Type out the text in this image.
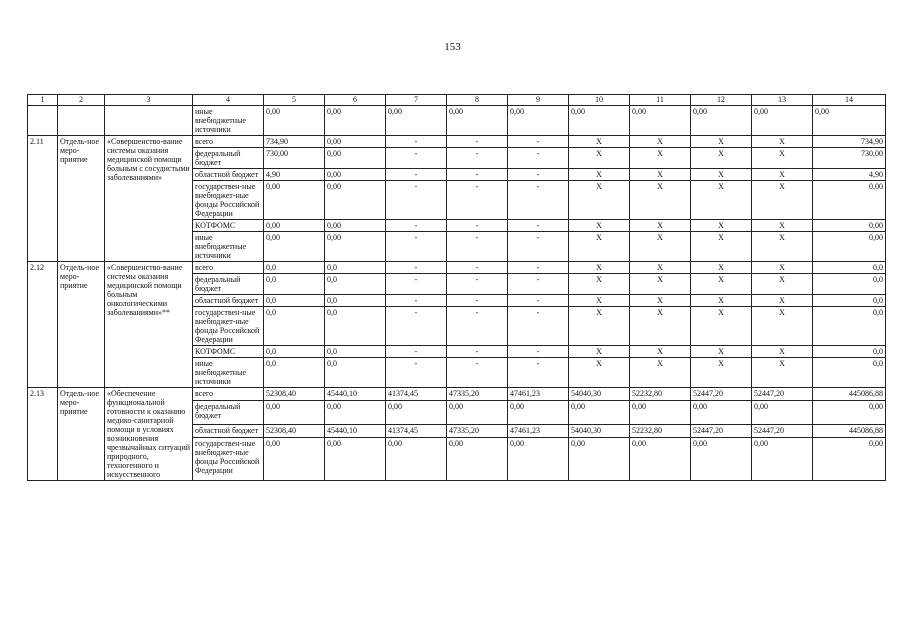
153
1	2	3	4	5	6	7	8	9	10	11	12	13	14
			иные внебюджетные источники	0,00	0,00	0,00	0,00	0,00	0,00	0,00	0,00	0,00	0,00
2.11	Отдель-ное меро-приятие	«Совершенство-вание системы оказания медицинской помощи больным с сосудистыми заболеваниями»	всего	734,90	0,00	-	-	-	X	X	X	X	734,90
			федеральный бюджет	730,00	0,00	-	-	-	X	X	X	X	730,00
			областной бюджет	4,90	0,00	-	-	-	X	X	X	X	4,90
			государствен-ные внебюджет-ные фонды Российской Федерации	0,00	0,00	-	-	-	X	X	X	X	0,00
			КОТФОМС	0,00	0,00	-	-	-	X	X	X	X	0,00
			иные внебюджетные источники	0,00	0,00	-	-	-	X	X	X	X	0,00
2.12	Отдель-ное меро-приятие	«Совершенство-вание системы оказания медицинской помощи больным онкологическими заболеваниями»**	всего	0,0	0,0	-	-	-	X	X	X	X	0,0
			федеральный бюджет	0,0	0,0	-	-	-	X	X	X	X	0,0
			областной бюджет	0,0	0,0	-	-	-	X	X	X	X	0,0
			государствен-ные внебюджет-ные фонды Российской Федерации	0,0	0,0	-	-	-	X	X	X	X	0,0
			КОТФОМС	0,0	0,0	-	-	-	X	X	X	X	0,0
			иные внебюджетные источники	0,0	0,0	-	-	-	X	X	X	X	0,0
2.13	Отдель-ное меро-приятие	«Обеспечение функциональной готовности к оказанию медико-санитарной помощи в условиях возникновения чрезвычайных ситуаций природного, техногенного и искусственного	всего	52308,40	45440,10	41374,45	47335,20	47461,23	54040,30	52232,80	52447,20	52447,20	445086,88
			федеральный бюджет	0,00	0,00	0,00	0,00	0,00	0,00	0,00	0,00	0,00	0,00
			областной бюджет	52308,40	45440,10	41374,45	47335,20	47461,23	54040,30	52232,80	52447,20	52447,20	445086,88
			государствен-ные внебюджет-ные фонды Российской Федерации	0,00	0,00	0,00	0,00	0,00	0,00	0,00	0,00	0,00	0,00
